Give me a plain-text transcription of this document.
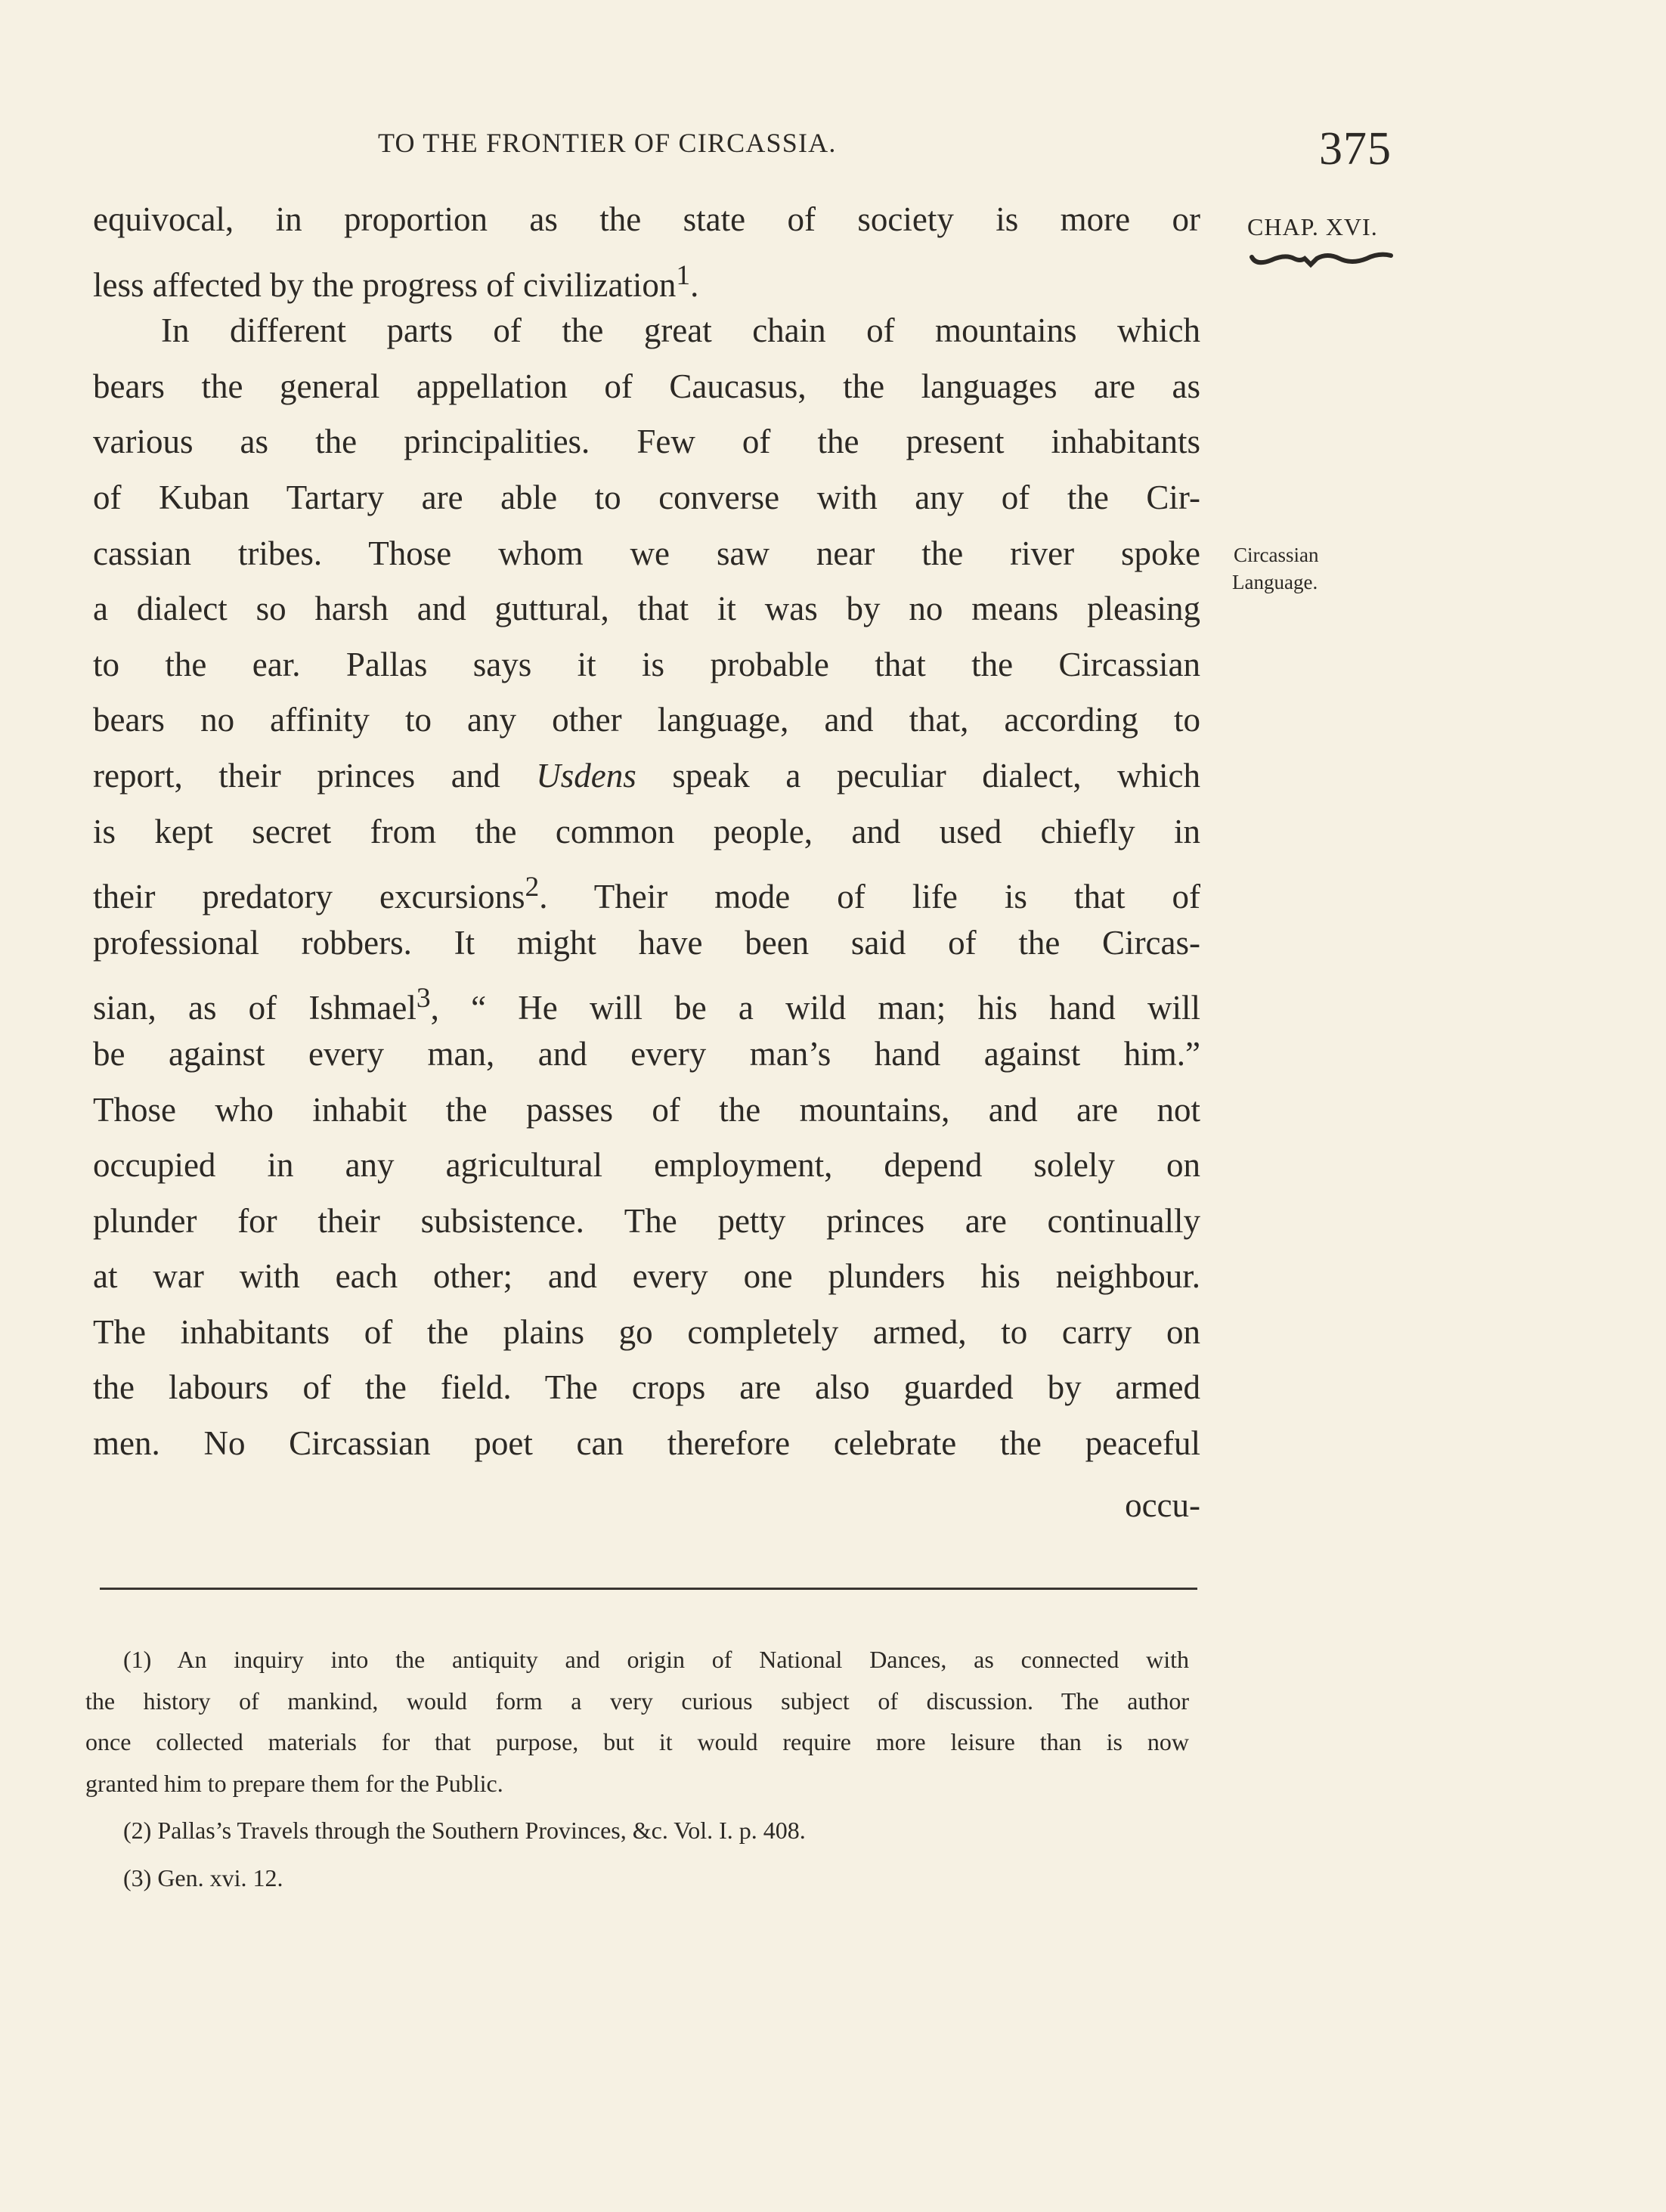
TO THE FRONTIER OF CIRCASSIA.	375
CHAP. XVI.
Circassian
Language.
equivocal, in proportion as the state of society is more or
less affected by the progress of civilization$^1$.
In different parts of the great chain of mountains which
bears the general appellation of Caucasus, the languages are as
various as the principalities. Few of the present inhabitants
of Kuban Tartary are able to converse with any of the Cir-
cassian tribes. Those whom we saw near the river spoke
a dialect so harsh and guttural, that it was by no means pleasing
to the ear. Pallas says it is probable that the Circassian
bears no affinity to any other language, and that, according to
report, their princes and Usdens speak a peculiar dialect, which
is kept secret from the common people, and used chiefly in
their predatory excursions$^2$. Their mode of life is that of
professional robbers. It might have been said of the Circas-
sian, as of Ishmael$^3$, “ He will be a wild man; his hand will
be against every man, and every man’s hand against him.”
Those who inhabit the passes of the mountains, and are not
occupied in any agricultural employment, depend solely on
plunder for their subsistence. The petty princes are continually
at war with each other; and every one plunders his neighbour.
The inhabitants of the plains go completely armed, to carry on
the labours of the field. The crops are also guarded by armed
men. No Circassian poet can therefore celebrate the peaceful
occu-
(1) An inquiry into the antiquity and origin of National Dances, as connected with
the history of mankind, would form a very curious subject of discussion. The author
once collected materials for that purpose, but it would require more leisure than is now
granted him to prepare them for the Public.
(2) Pallas’s Travels through the Southern Provinces, &c. Vol. I. p. 408.
(3) Gen. xvi. 12.
